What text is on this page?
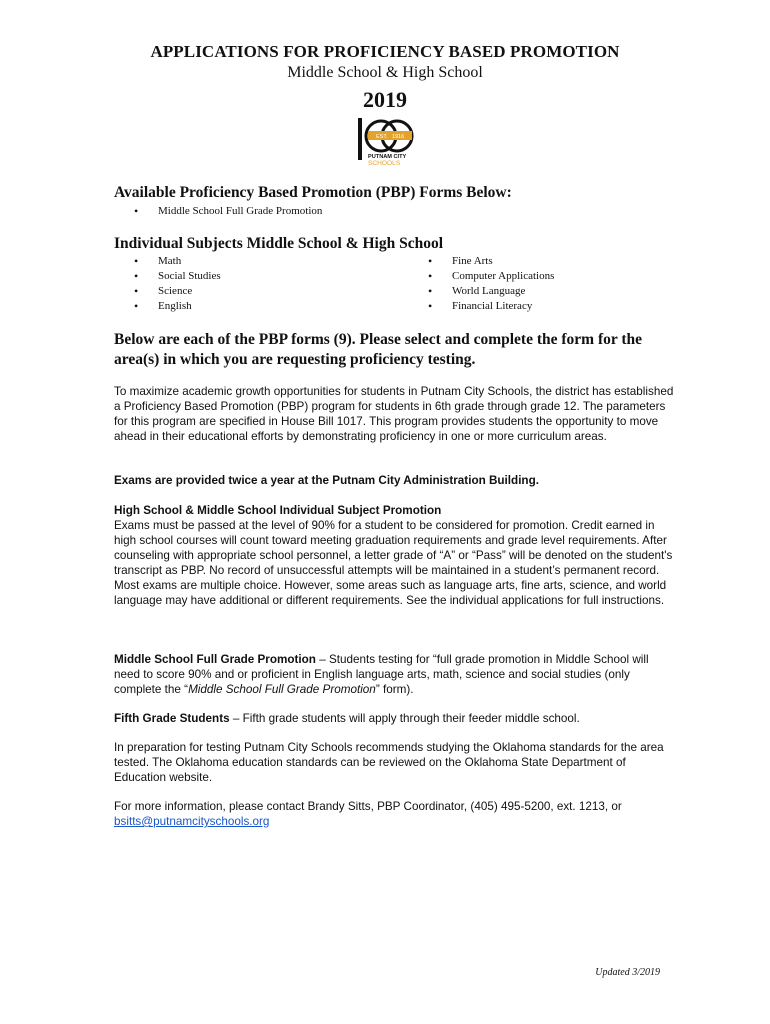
APPLICATIONS FOR PROFICIENCY BASED PROMOTION
Middle School & High School
2019
EST. 1916
PUTNAM CITY
SCHOOLS
Available Proficiency Based Promotion (PBP) Forms Below:
• Middle School Full Grade Promotion
Individual Subjects Middle School & High School
• Math
• Social Studies
• Science
• English
• Fine Arts
• Computer Applications
• World Language
• Financial Literacy
Below are each of the PBP forms (9). Please select and complete the form for the area(s) in which you are requesting proficiency testing.
To maximize academic growth opportunities for students in Putnam City Schools, the district has established a Proficiency Based Promotion (PBP) program for students in 6th grade through grade 12. The parameters for this program are specified in House Bill 1017. This program provides students the opportunity to move ahead in their educational efforts by demonstrating proficiency in one or more curriculum areas.
Exams are provided twice a year at the Putnam City Administration Building.
High School & Middle School Individual Subject Promotion
Exams must be passed at the level of 90% for a student to be considered for promotion. Credit earned in high school courses will count toward meeting graduation requirements and grade level requirements. After counseling with appropriate school personnel, a letter grade of “A” or “Pass” will be denoted on the student's transcript as PBP. No record of unsuccessful attempts will be maintained in a student’s permanent record.
Most exams are multiple choice. However, some areas such as language arts, fine arts, science, and world language may have additional or different requirements. See the individual applications for full instructions.
Middle School Full Grade Promotion – Students testing for “full grade promotion in Middle School will need to score 90% and or proficient in English language arts, math, science and social studies (only complete the “Middle School Full Grade Promotion” form).
Fifth Grade Students – Fifth grade students will apply through their feeder middle school.
In preparation for testing Putnam City Schools recommends studying the Oklahoma standards for the area tested. The Oklahoma education standards can be reviewed on the Oklahoma State Department of Education website.
For more information, please contact Brandy Sitts, PBP Coordinator, (405) 495-5200, ext. 1213, or bsitts@putnamcityschools.org
Updated 3/2019
